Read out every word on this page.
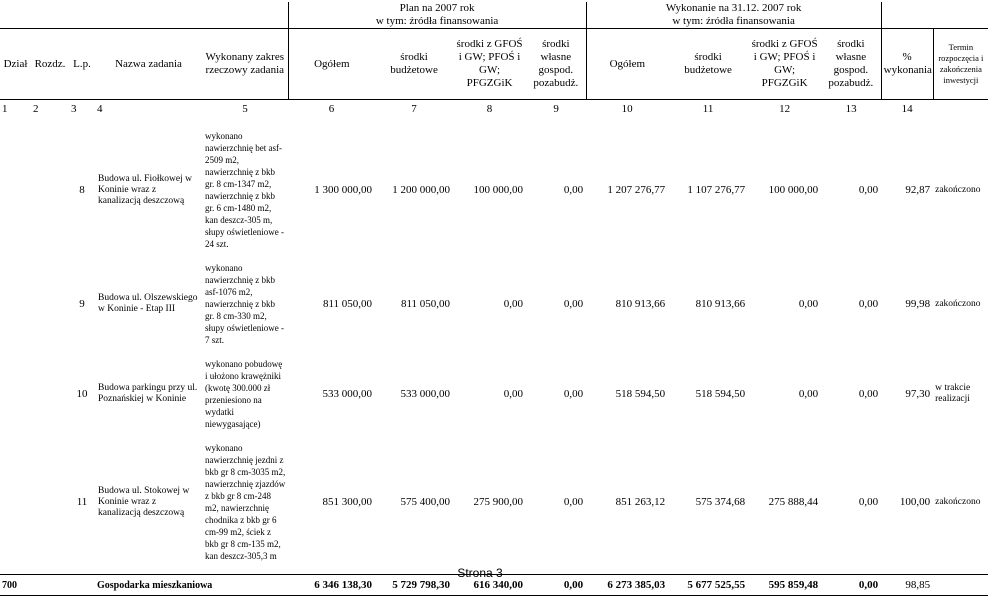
					Plan na 2007 rok				Wykonanie na 31.12. 2007 rok					
					w tym: źródła finansowania				w tym: źródła finansowania					
Dział	Rozdz.	L.p.	Nazwa zadania	Wykonany zakres rzeczowy zadania	Ogółem	środki budżetowe	środki z GFOŚ i GW; PFOŚ i GW; PFGZGiK	środki własne gospod. pozabudż.	Ogółem	środki budżetowe	środki z GFOŚ i GW; PFOŚ i GW; PFGZGiK	środki własne gospod. pozabudż.	% wykonania	Termin rozpoczęcia i zakończenia inwestycji
1	2	3	4	5	6	7	8	9	10	11	12	13	14	

		8	Budowa ul. Fiołkowej w Koninie wraz z kanalizacją deszczową	wykonano nawierzchnię bet asf-2509 m2, nawierzchnię z bkb gr. 8 cm-1347 m2, nawierzchnię z bkb gr. 6 cm-1480 m2, kan deszcz-305 m, słupy oświetleniowe - 24 szt.	1 300 000,00	1 200 000,00	100 000,00	0,00	1 207 276,77	1 107 276,77	100 000,00	0,00	92,87	zakończono

		9	Budowa ul. Olszewskiego w Koninie - Etap III	wykonano nawierzchnię z bkb asf-1076 m2, nawierzchnię z bkb gr. 8 cm-330 m2, słupy oświetleniowe - 7 szt.	811 050,00	811 050,00	0,00	0,00	810 913,66	810 913,66	0,00	0,00	99,98	zakończono

		10	Budowa parkingu przy ul. Poznańskiej w Koninie	wykonano pobudowę i ułożono krawężniki (kwotę 300.000 zł przeniesiono na wydatki niewygasające)	533 000,00	533 000,00	0,00	0,00	518 594,50	518 594,50	0,00	0,00	97,30	w trakcie realizacji

		11	Budowa ul. Stokowej w Koninie wraz z kanalizacją deszczową	wykonano nawierzchnię jezdni z bkb gr 8 cm-3035 m2, nawierzchnię zjazdów z bkb gr 8 cm-248 m2, nawierzchnię chodnika z bkb gr 6 cm-99 m2, ściek z bkb gr 8 cm-135 m2, kan deszcz-305,3 m	851 300,00	575 400,00	275 900,00	0,00	851 263,12	575 374,68	275 888,44	0,00	100,00	zakończono

700			Gospodarka mieszkaniowa		6 346 138,30	5 729 798,30	616 340,00	0,00	6 273 385,03	5 677 525,55	595 859,48	0,00	98,85	
Strona 3
